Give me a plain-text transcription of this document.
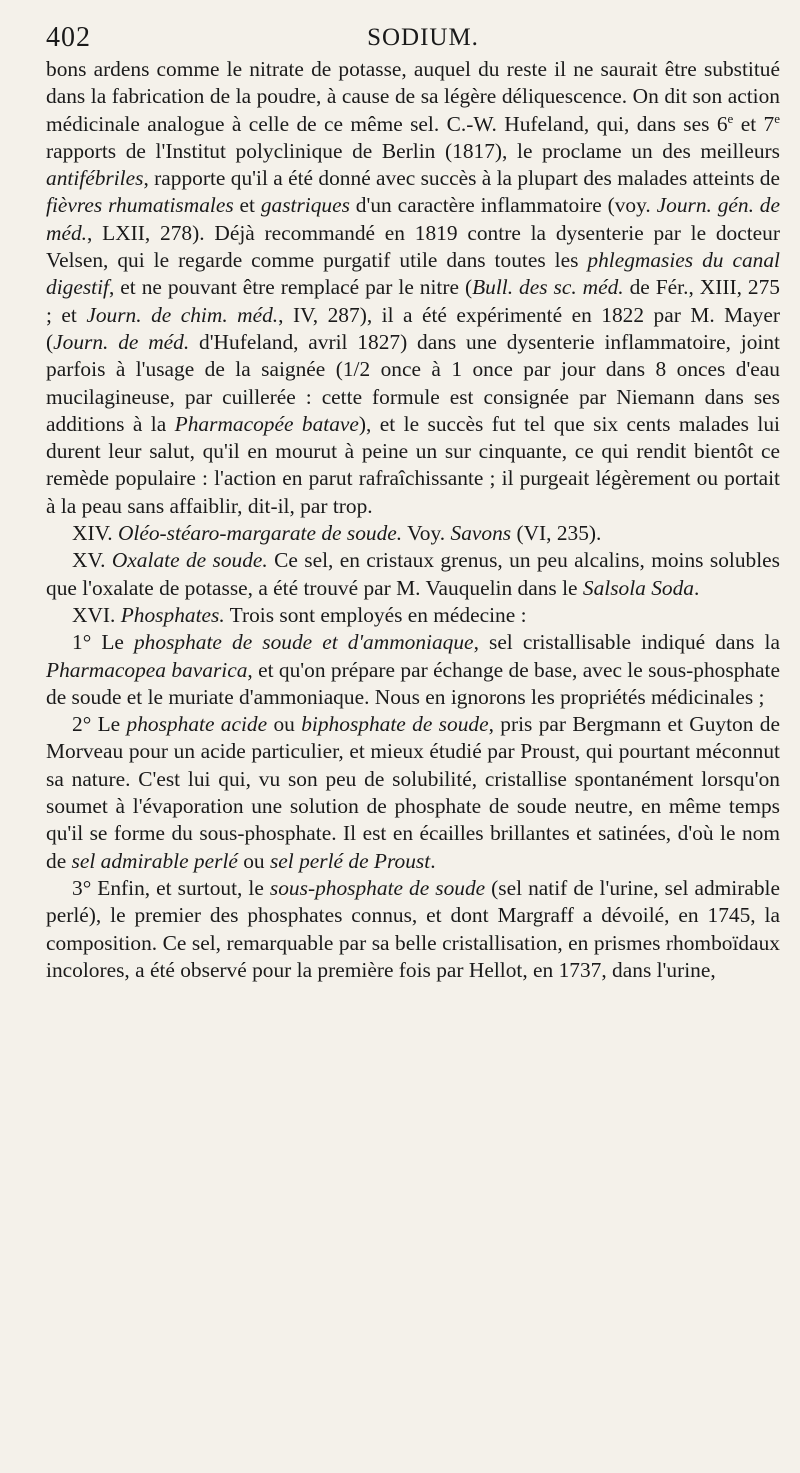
402	SODIUM.

bons ardens comme le nitrate de potasse, auquel du reste il ne saurait être substitué dans la fabrication de la poudre, à cause de sa légère déliquescence. On dit son action médicinale analogue à celle de ce même sel. C.-W. Hufeland, qui, dans ses 6e et 7e rapports de l'Institut polyclinique de Berlin (1817), le proclame un des meilleurs antifébriles, rapporte qu'il a été donné avec succès à la plupart des malades atteints de fièvres rhumatismales et gastriques d'un caractère inflammatoire (voy. Journ. gén. de méd., LXII, 278). Déjà recommandé en 1819 contre la dysenterie par le docteur Velsen, qui le regarde comme purgatif utile dans toutes les phlegmasies du canal digestif, et ne pouvant être remplacé par le nitre (Bull. des sc. méd. de Fér., XIII, 275 ; et Journ. de chim. méd., IV, 287), il a été expérimenté en 1822 par M. Mayer (Journ. de méd. d'Hufeland, avril 1827) dans une dysenterie inflammatoire, joint parfois à l'usage de la saignée (1/2 once à 1 once par jour dans 8 onces d'eau mucilagineuse, par cuillerée : cette formule est consignée par Niemann dans ses additions à la Pharmacopée batave), et le succès fut tel que six cents malades lui durent leur salut, qu'il en mourut à peine un sur cinquante, ce qui rendit bientôt ce remède populaire : l'action en parut rafraîchissante ; il purgeait légèrement ou portait à la peau sans affaiblir, dit-il, par trop.

XIV. Oléo-stéaro-margarate de soude. Voy. Savons (VI, 235).

XV. Oxalate de soude. Ce sel, en cristaux grenus, un peu alcalins, moins solubles que l'oxalate de potasse, a été trouvé par M. Vauquelin dans le Salsola Soda.

XVI. Phosphates. Trois sont employés en médecine :

1° Le phosphate de soude et d'ammoniaque, sel cristallisable indiqué dans la Pharmacopea bavarica, et qu'on prépare par échange de base, avec le sous-phosphate de soude et le muriate d'ammoniaque. Nous en ignorons les propriétés médicinales ;

2° Le phosphate acide ou biphosphate de soude, pris par Bergmann et Guyton de Morveau pour un acide particulier, et mieux étudié par Proust, qui pourtant méconnut sa nature. C'est lui qui, vu son peu de solubilité, cristallise spontanément lorsqu'on soumet à l'évaporation une solution de phosphate de soude neutre, en même temps qu'il se forme du sous-phosphate. Il est en écailles brillantes et satinées, d'où le nom de sel admirable perlé ou sel perlé de Proust.

3° Enfin, et surtout, le sous-phosphate de soude (sel natif de l'urine, sel admirable perlé), le premier des phosphates connus, et dont Margraff a dévoilé, en 1745, la composition. Ce sel, remarquable par sa belle cristallisation, en prismes rhomboïdaux incolores, a été observé pour la première fois par Hellot, en 1737, dans l'urine,
